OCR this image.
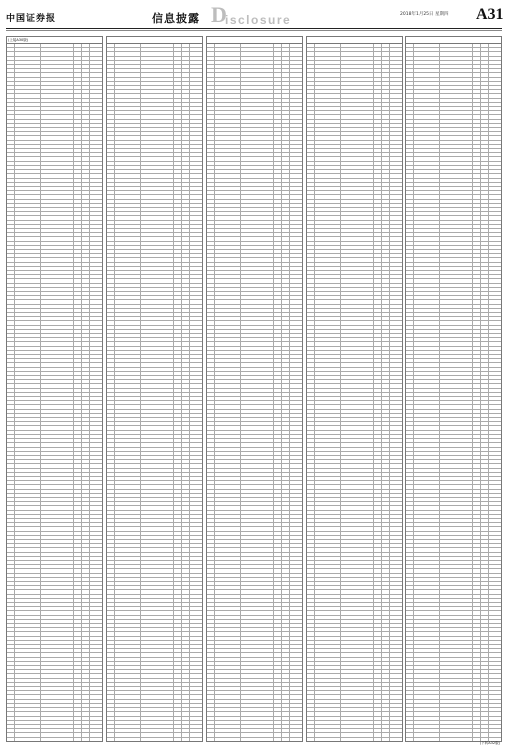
中国证券报	信息披露 D
isclosure	2018年1月25日 星期四 A31
(上接A30版)

(下转A32版)
